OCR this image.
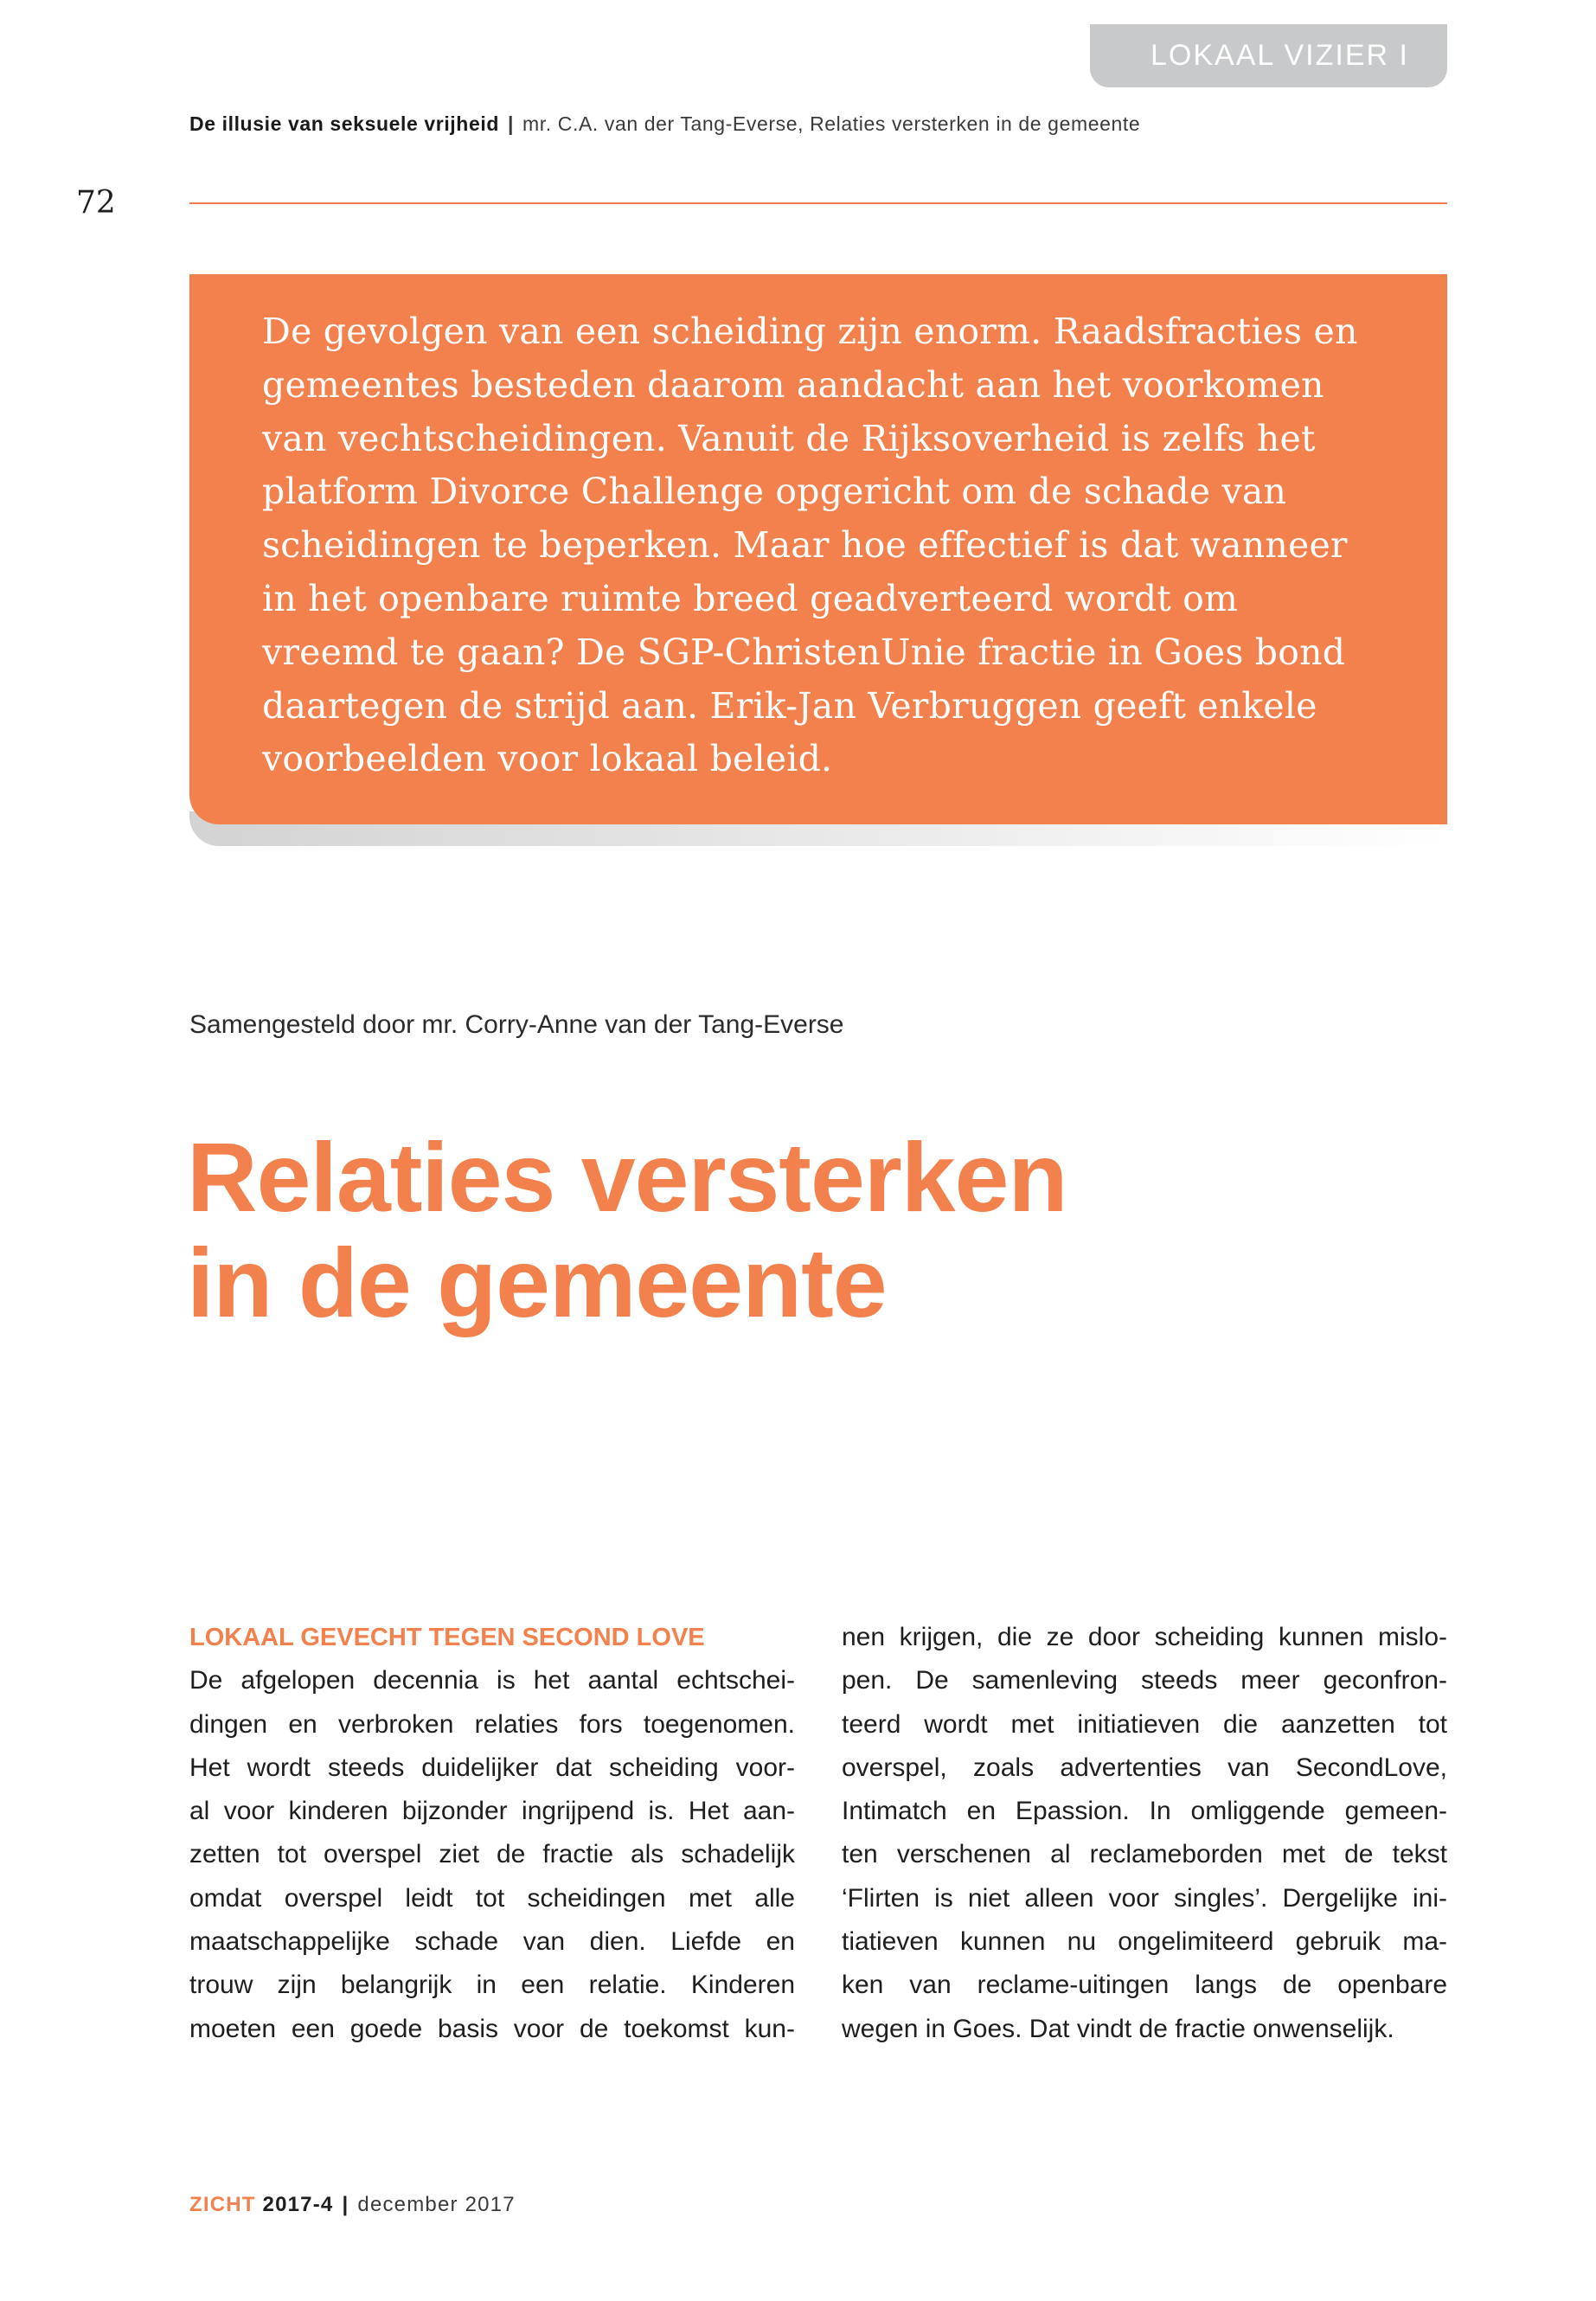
LOKAAL VIZIER I
De illusie van seksuele vrijheid | mr. C.A. van der Tang-Everse, Relaties versterken in de gemeente
72
De gevolgen van een scheiding zijn enorm. Raadsfracties en
gemeentes besteden daarom aandacht aan het voorkomen
van vechtscheidingen. Vanuit de Rijksoverheid is zelfs het
platform Divorce Challenge opgericht om de schade van
scheidingen te beperken. Maar hoe effectief is dat wanneer
in het openbare ruimte breed geadverteerd wordt om
vreemd te gaan? De SGP-ChristenUnie fractie in Goes bond
daartegen de strijd aan. Erik-Jan Verbruggen geeft enkele
voorbeelden voor lokaal beleid.
Samengesteld door mr. Corry-Anne van der Tang-Everse
Relaties versterken
in de gemeente
LOKAAL GEVECHT TEGEN SECOND LOVE
De afgelopen decennia is het aantal echtschei-
dingen en verbroken relaties fors toegenomen.
Het wordt steeds duidelijker dat scheiding voor-
al voor kinderen bijzonder ingrijpend is. Het aan-
zetten tot overspel ziet de fractie als schadelijk
omdat overspel leidt tot scheidingen met alle
maatschappelijke schade van dien. Liefde en
trouw zijn belangrijk in een relatie. Kinderen
moeten een goede basis voor de toekomst kun-
nen krijgen, die ze door scheiding kunnen mislo-
pen. De samenleving steeds meer geconfron-
teerd wordt met initiatieven die aanzetten tot
overspel, zoals advertenties van SecondLove,
Intimatch en Epassion. In omliggende gemeen-
ten verschenen al reclameborden met de tekst
‘Flirten is niet alleen voor singles’. Dergelijke ini-
tiatieven kunnen nu ongelimiteerd gebruik ma-
ken van reclame-uitingen langs de openbare
wegen in Goes. Dat vindt de fractie onwenselijk.
ZICHT 2017-4 | december 2017
